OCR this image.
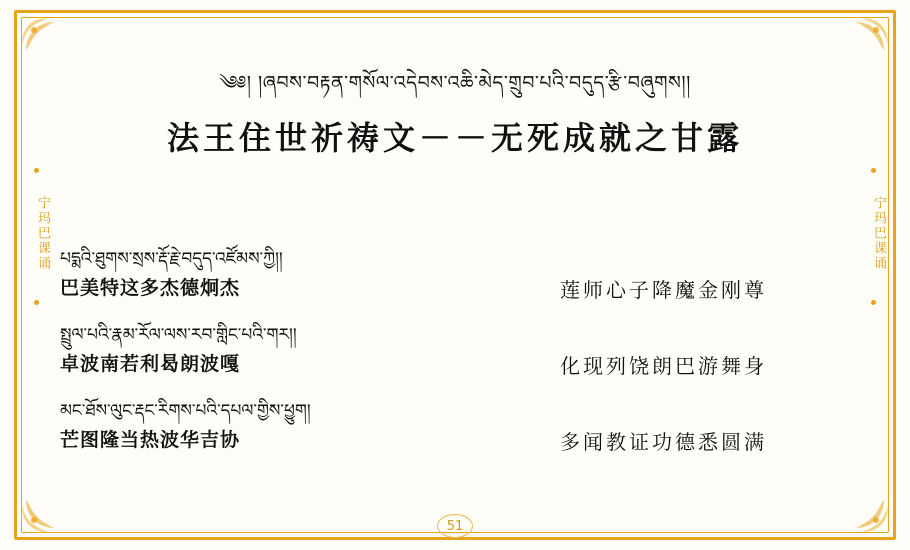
宁玛巴课诵	宁玛巴课诵
༄༅། །ཞབས་བརྟན་གསོལ་འདེབས་འཆི་མེད་གྲུབ་པའི་བདུད་རྩི་བཞུགས།།
法王住世祈祷文－－无死成就之甘露
པདྨའི་ཐུགས་སྲས་རྡོ་རྗེ་བདུད་འཛོམས་ཀྱི།།
巴美特这多杰德炯杰	莲师心子降魔金刚尊
སྤྲུལ་པའི་རྣམ་རོལ་ལས་རབ་གླིང་པའི་གར།།
卓波南若利曷朗波嘎	化现列饶朗巴游舞身
མང་ཐོས་ལུང་རྡང་རིགས་པའི་དཔལ་གྱིས་ཕྱུག།
芒图隆当热波华吉协	多闻教证功德悉圆满
51
